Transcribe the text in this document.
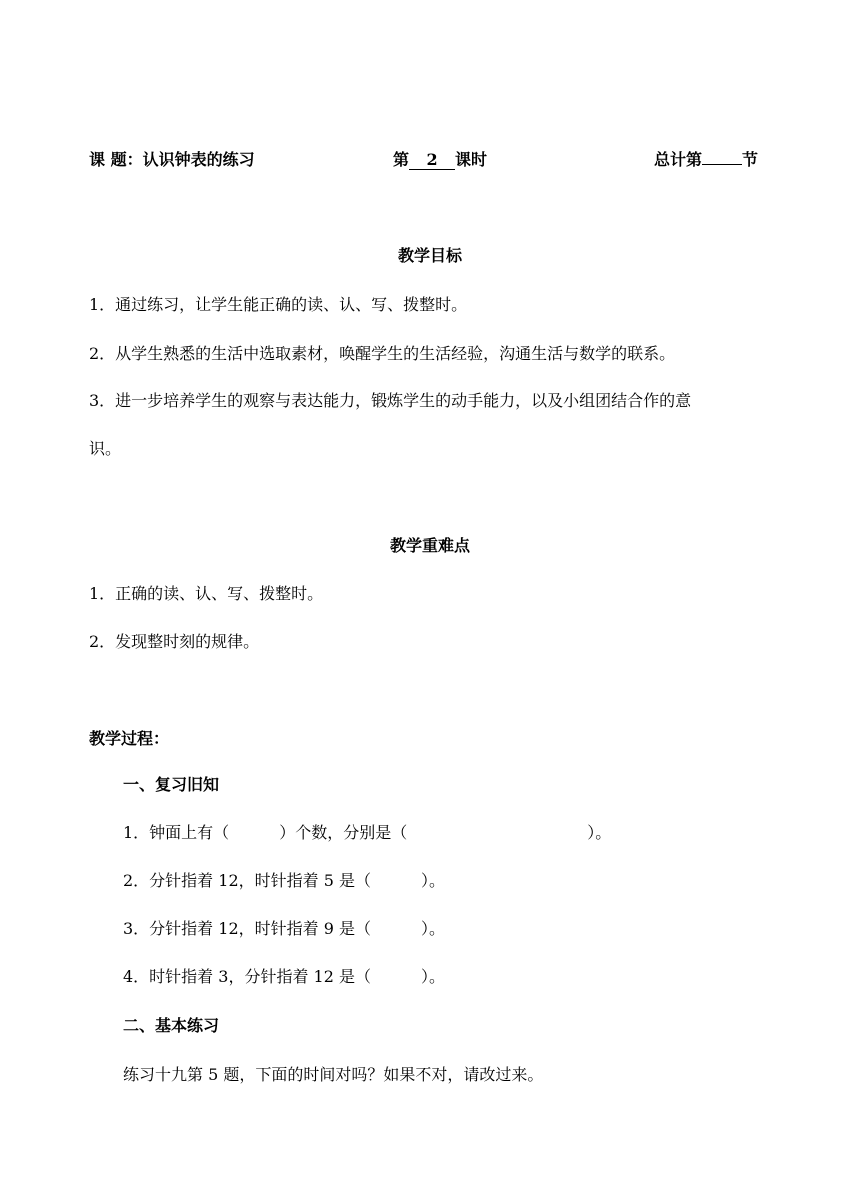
课 题：认识钟表的练习	第 2 课时	总计第	节
教学目标
1．通过练习，让学生能正确的读、认、写、拨整时。
2．从学生熟悉的生活中选取素材，唤醒学生的生活经验，沟通生活与数学的联系。
3．进一步培养学生的观察与表达能力，锻炼学生的动手能力，以及小组团结合作的意
识。
教学重难点
1．正确的读、认、写、拨整时。
2．发现整时刻的规律。
教学过程：
一、复习旧知
1．钟面上有（	）个数，分别是（	）。
2．分针指着 12，时针指着 5 是（	）。
3．分针指着 12，时针指着 9 是（	）。
4．时针指着 3，分针指着 12 是（	）。
二、基本练习
练习十九第 5 题，下面的时间对吗？如果不对，请改过来。
